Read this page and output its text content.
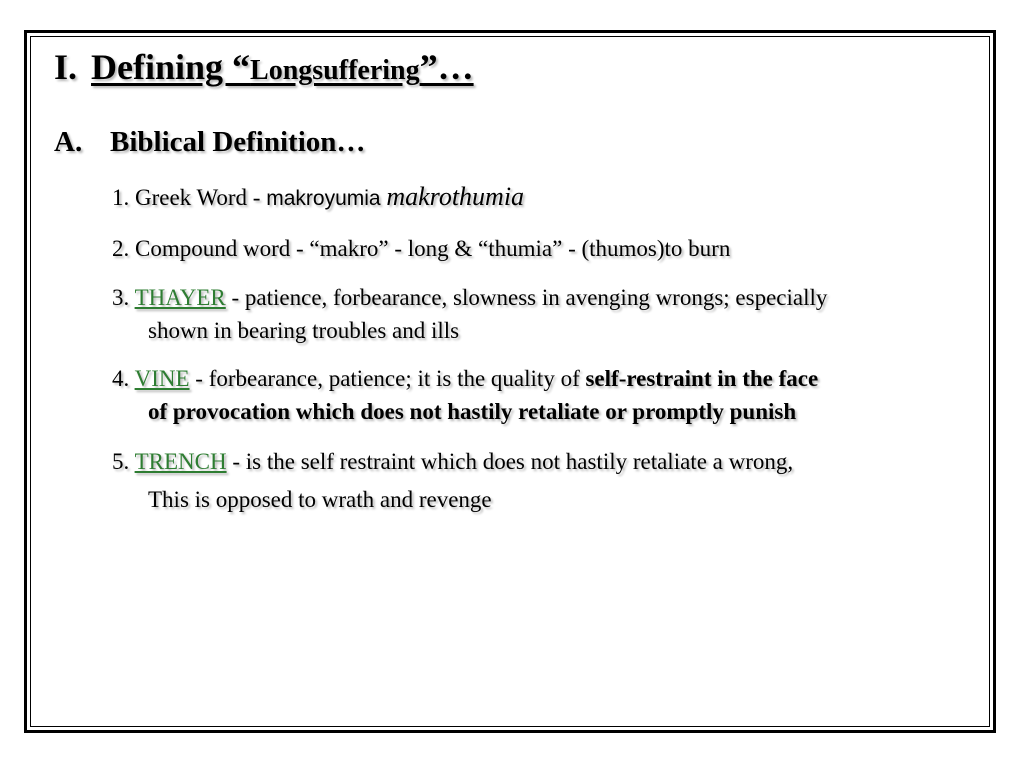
I. Defining “Longsuffering”…
A. Biblical Definition…
1. Greek Word - makroyumia makrothumia
2. Compound word - “makro” - long & “thumia” - (thumos)to burn
3. THAYER - patience, forbearance, slowness in avenging wrongs; especially
shown in bearing troubles and ills
4. VINE - forbearance, patience; it is the quality of self-restraint in the face
of provocation which does not hastily retaliate or promptly punish
5. TRENCH - is the self restraint which does not hastily retaliate a wrong,
This is opposed to wrath and revenge
